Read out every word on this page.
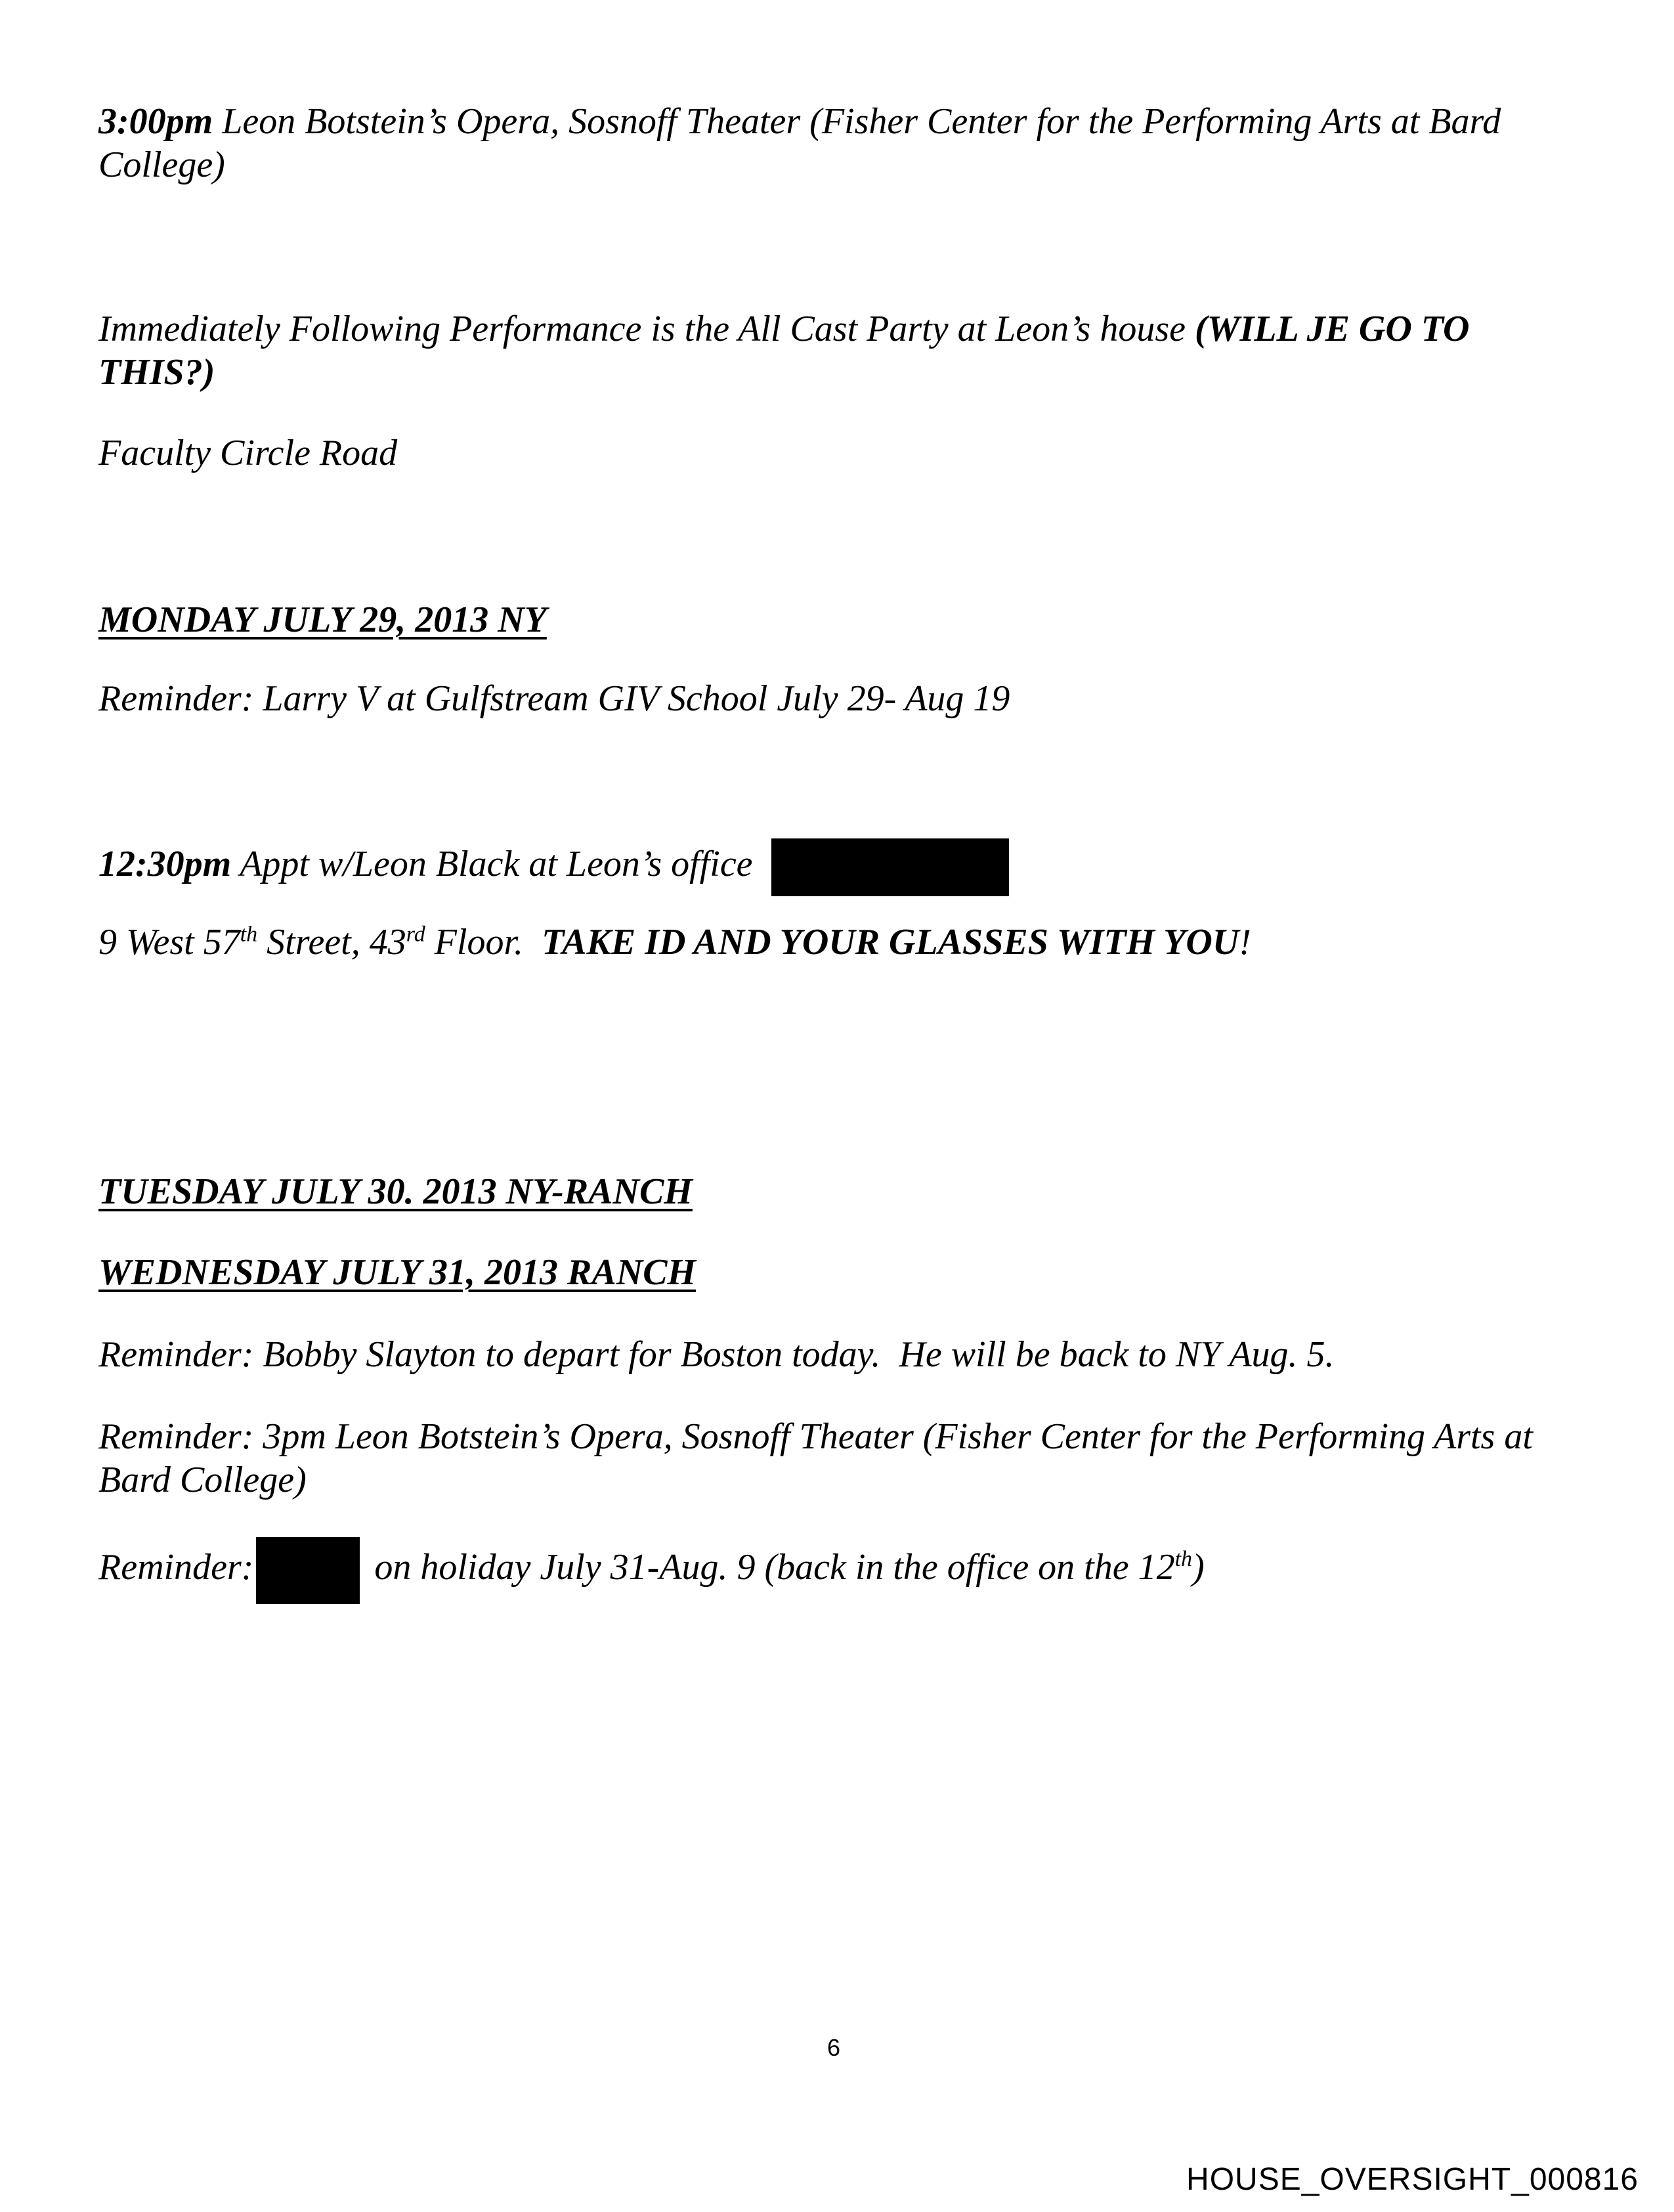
3:00pm Leon Botstein’s Opera, Sosnoff Theater (Fisher Center for the Performing Arts at Bard College)
Immediately Following Performance is the All Cast Party at Leon’s house (WILL JE GO TO THIS?)
Faculty Circle Road
MONDAY JULY 29, 2013 NY
Reminder: Larry V at Gulfstream GIV School July 29- Aug 19
12:30pm Appt w/Leon Black at Leon’s office
9 West 57th Street, 43rd Floor.  TAKE ID AND YOUR GLASSES WITH YOU!
TUESDAY JULY 30. 2013 NY-RANCH
WEDNESDAY JULY 31, 2013 RANCH
Reminder: Bobby Slayton to depart for Boston today.  He will be back to NY Aug. 5.
Reminder: 3pm Leon Botstein’s Opera, Sosnoff Theater (Fisher Center for the Performing Arts at Bard College)
Reminder:	on holiday July 31-Aug. 9 (back in the office on the 12th)
6
HOUSE_OVERSIGHT_000816
